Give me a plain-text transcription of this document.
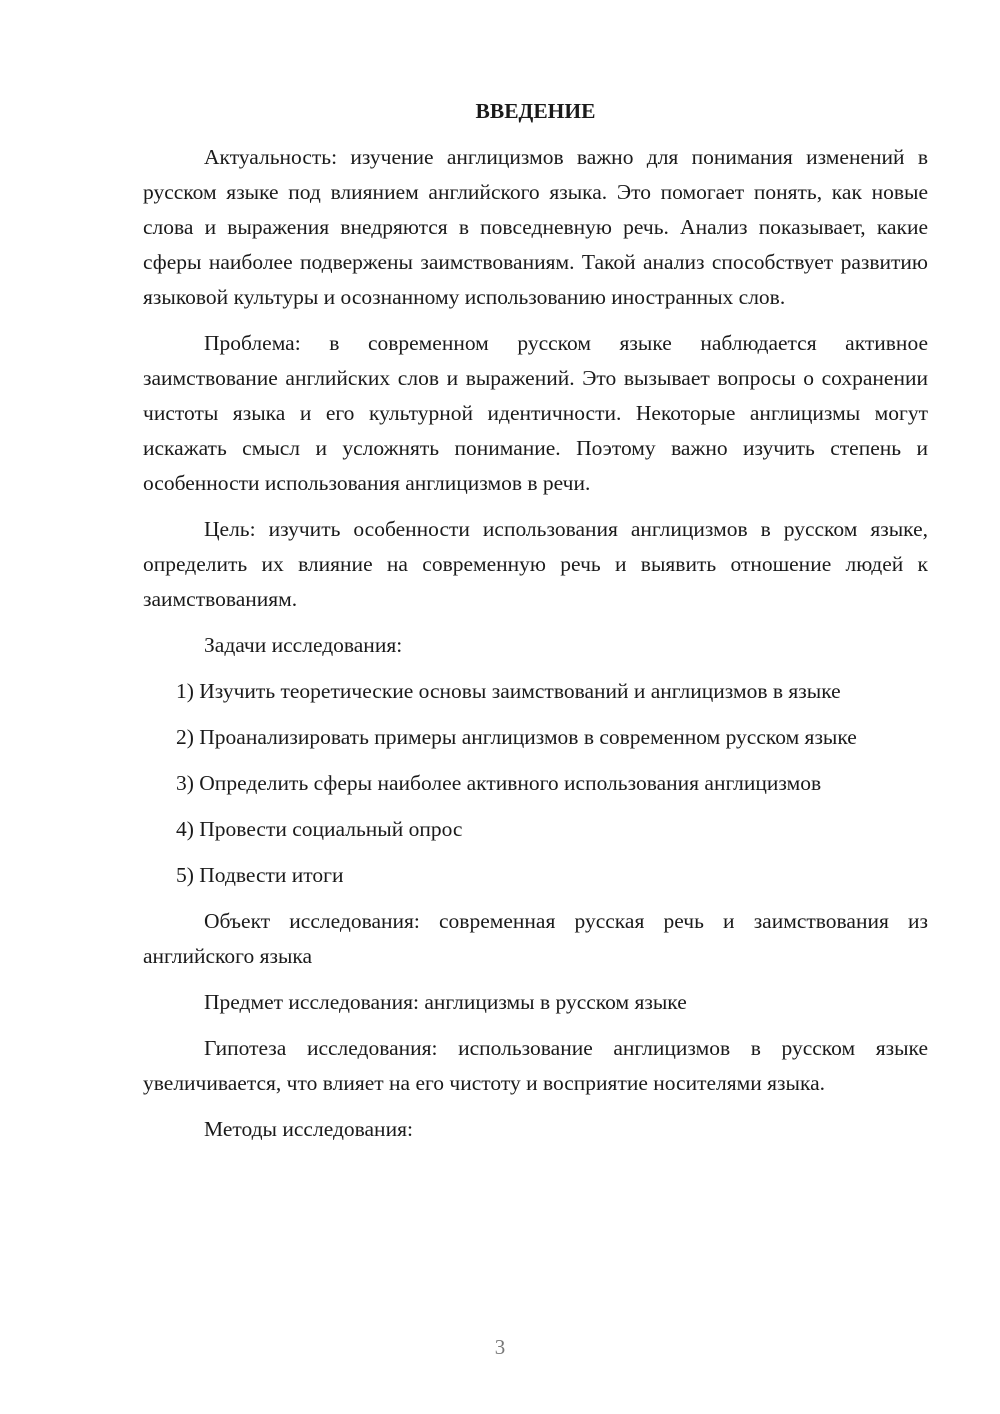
ВВЕДЕНИЕ

Актуальность: изучение англицизмов важно для понимания изменений в русском языке под влиянием английского языка. Это помогает понять, как новые слова и выражения внедряются в повседневную речь. Анализ показывает, какие сферы наиболее подвержены заимствованиям. Такой анализ способствует развитию языковой культуры и осознанному использованию иностранных слов.

Проблема: в современном русском языке наблюдается активное заимствование английских слов и выражений. Это вызывает вопросы о сохранении чистоты языка и его культурной идентичности. Некоторые англицизмы могут искажать смысл и усложнять понимание. Поэтому важно изучить степень и особенности использования англицизмов в речи.

Цель: изучить особенности использования англицизмов в русском языке, определить их влияние на современную речь и выявить отношение людей к заимствованиям.

Задачи исследования:

1) Изучить теоретические основы заимствований и англицизмов в языке

2) Проанализировать примеры англицизмов в современном русском языке

3) Определить сферы наиболее активного использования англицизмов

4) Провести социальный опрос

5) Подвести итоги

Объект исследования: современная русская речь и заимствования из английского языка

Предмет исследования: англицизмы в русском языке

Гипотеза исследования: использование англицизмов в русском языке увеличивается, что влияет на его чистоту и восприятие носителями языка.

Методы исследования:

3
